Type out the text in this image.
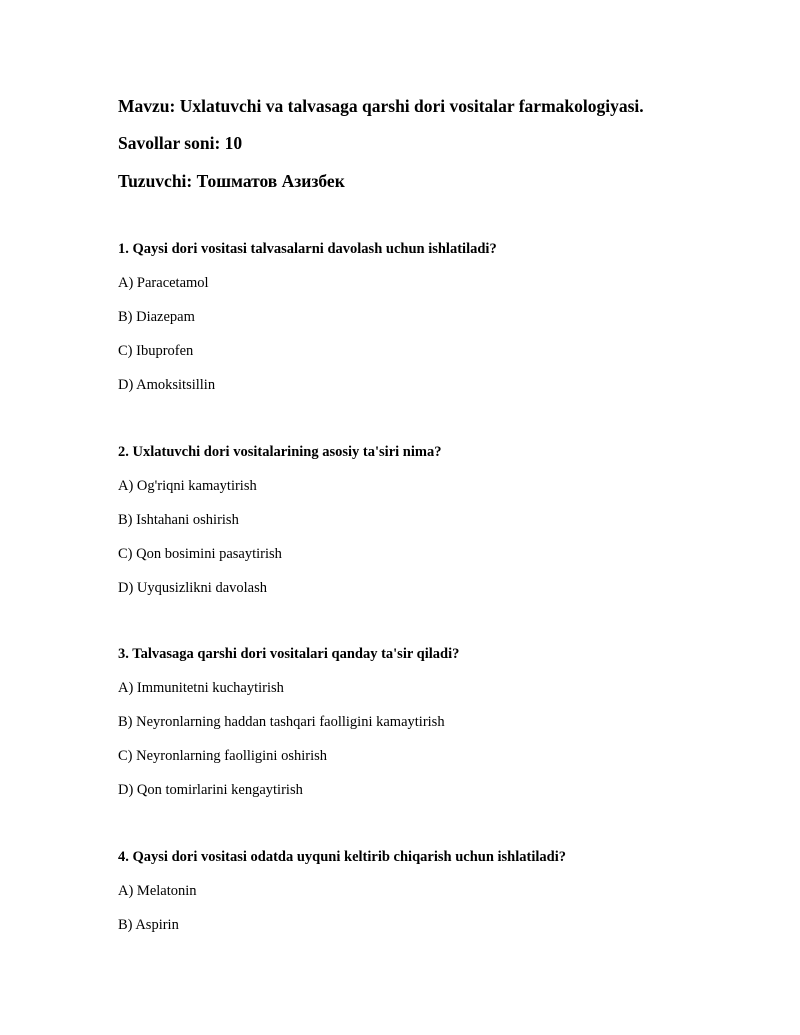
Mavzu: Uxlatuvchi va talvasaga qarshi dori vositalar farmakologiyasi.
Savollar soni: 10
Tuzuvchi: Тошматов Азизбек
1. Qaysi dori vositasi talvasalarni davolash uchun ishlatiladi?
A) Paracetamol
B) Diazepam
C) Ibuprofen
D) Amoksitsillin
2. Uxlatuvchi dori vositalarining asosiy ta'siri nima?
A) Og'riqni kamaytirish
B) Ishtahani oshirish
C) Qon bosimini pasaytirish
D) Uyqusizlikni davolash
3. Talvasaga qarshi dori vositalari qanday ta'sir qiladi?
A) Immunitetni kuchaytirish
B) Neyronlarning haddan tashqari faolligini kamaytirish
C) Neyronlarning faolligini oshirish
D) Qon tomirlarini kengaytirish
4. Qaysi dori vositasi odatda uyquni keltirib chiqarish uchun ishlatiladi?
A) Melatonin
B) Aspirin
